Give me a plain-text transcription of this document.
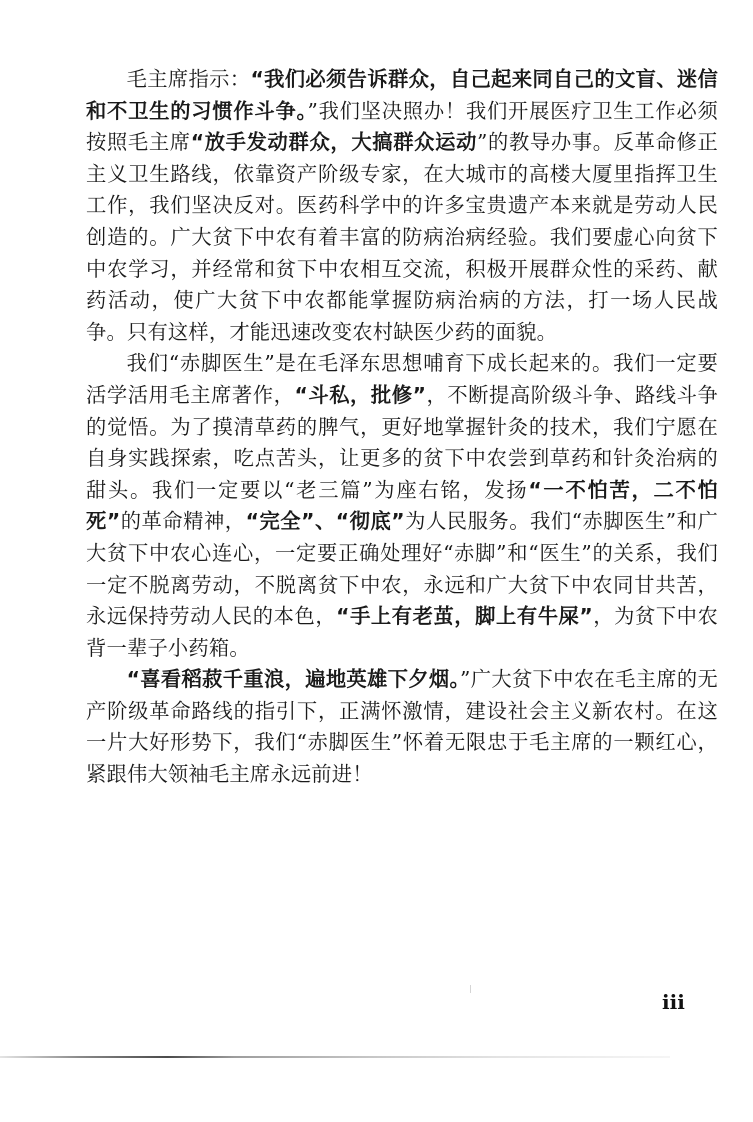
毛主席指示：“我们必须告诉群众，自己起来同自己的文盲、迷信和不卫生的习惯作斗争。”我们坚决照办！我们开展医疗卫生工作必须按照毛主席“放手发动群众，大搞群众运动”的教导办事。反革命修正主义卫生路线，依靠资产阶级专家，在大城市的高楼大厦里指挥卫生工作，我们坚决反对。医药科学中的许多宝贵遗产本来就是劳动人民创造的。广大贫下中农有着丰富的防病治病经验。我们要虚心向贫下中农学习，并经常和贫下中农相互交流，积极开展群众性的采药、献药活动，使广大贫下中农都能掌握防病治病的方法，打一场人民战争。只有这样，才能迅速改变农村缺医少药的面貌。

我们“赤脚医生”是在毛泽东思想哺育下成长起来的。我们一定要活学活用毛主席著作，“斗私，批修”，不断提高阶级斗争、路线斗争的觉悟。为了摸清草药的脾气，更好地掌握针灸的技术，我们宁愿在自身实践探索，吃点苦头，让更多的贫下中农尝到草药和针灸治病的甜头。我们一定要以“老三篇”为座右铭，发扬“一不怕苦，二不怕死”的革命精神，“完全”、“彻底”为人民服务。我们“赤脚医生”和广大贫下中农心连心，一定要正确处理好“赤脚”和“医生”的关系，我们一定不脱离劳动，不脱离贫下中农，永远和广大贫下中农同甘共苦，永远保持劳动人民的本色，“手上有老茧，脚上有牛屎”，为贫下中农背一辈子小药箱。

“喜看稻菽千重浪，遍地英雄下夕烟。”广大贫下中农在毛主席的无产阶级革命路线的指引下，正满怀激情，建设社会主义新农村。在这一片大好形势下，我们“赤脚医生”怀着无限忠于毛主席的一颗红心，紧跟伟大领袖毛主席永远前进！

iii
